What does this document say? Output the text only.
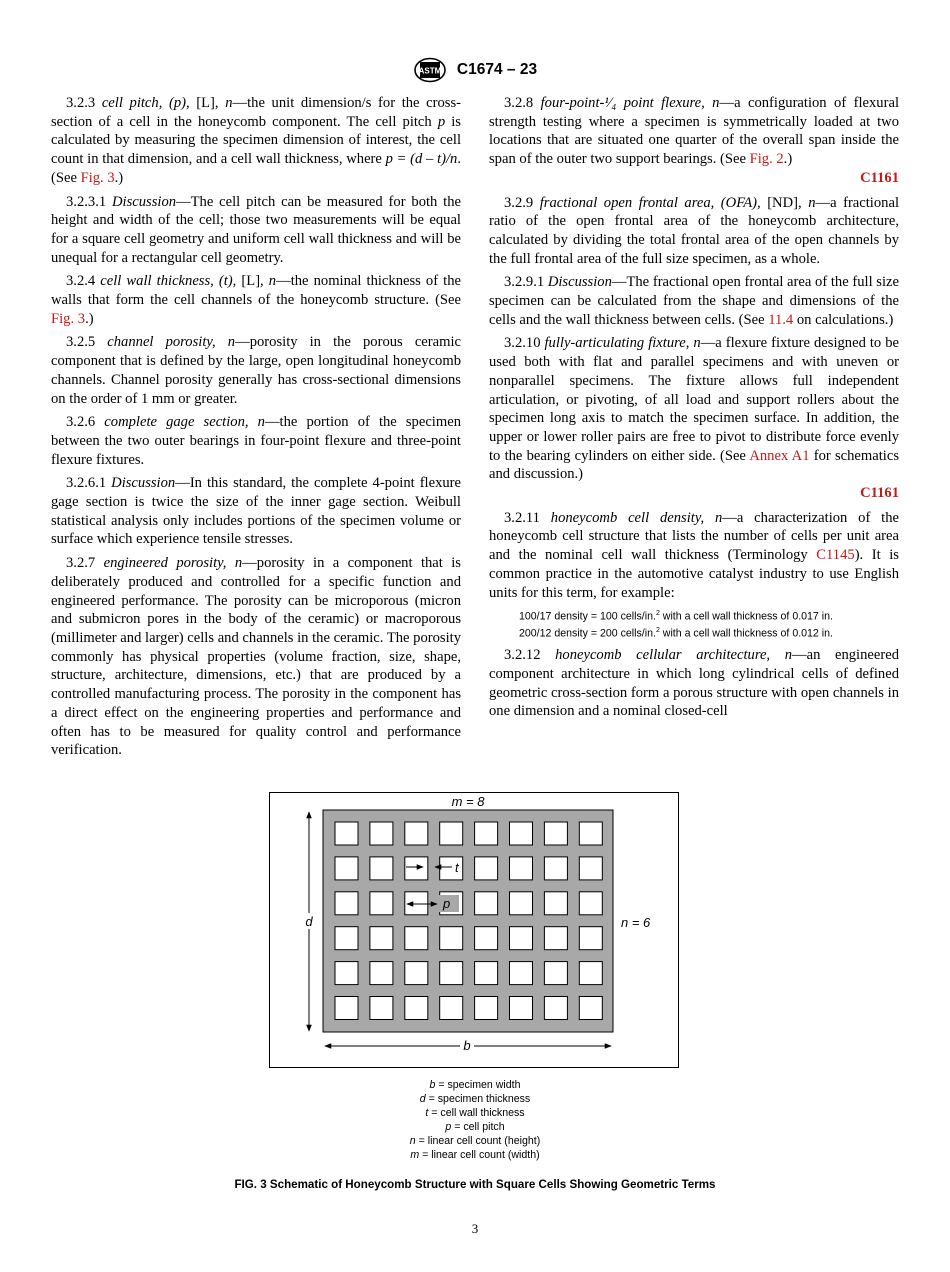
ASTM C1674 – 23

3.2.3 cell pitch, (p), [L], n—the unit dimension/s for the cross-section of a cell in the honeycomb component. The cell pitch p is calculated by measuring the specimen dimension of interest, the cell count in that dimension, and a cell wall thickness, where p = (d – t)/n. (See Fig. 3.)

3.2.3.1 Discussion—The cell pitch can be measured for both the height and width of the cell; those two measurements will be equal for a square cell geometry and uniform cell wall thickness and will be unequal for a rectangular cell geometry.

3.2.4 cell wall thickness, (t), [L], n—the nominal thickness of the walls that form the cell channels of the honeycomb structure. (See Fig. 3.)

3.2.5 channel porosity, n—porosity in the porous ceramic component that is defined by the large, open longitudinal honeycomb channels. Channel porosity generally has cross-sectional dimensions on the order of 1 mm or greater.

3.2.6 complete gage section, n—the portion of the specimen between the two outer bearings in four-point flexure and three-point flexure fixtures.

3.2.6.1 Discussion—In this standard, the complete 4-point flexure gage section is twice the size of the inner gage section. Weibull statistical analysis only includes portions of the specimen volume or surface which experience tensile stresses.

3.2.7 engineered porosity, n—porosity in a component that is deliberately produced and controlled for a specific function and engineered performance. The porosity can be microporous (micron and submicron pores in the body of the ceramic) or macroporous (millimeter and larger) cells and channels in the ceramic. The porosity commonly has physical properties (volume fraction, size, shape, structure, architecture, dimensions, etc.) that are produced by a controlled manufacturing process. The porosity in the component has a direct effect on the engineering properties and performance and often has to be measured for quality control and performance verification.

3.2.8 four-point-¹⁄₄ point flexure, n—a configuration of flexural strength testing where a specimen is symmetrically loaded at two locations that are situated one quarter of the overall span inside the span of the outer two support bearings. (See Fig. 2.)

C1161

3.2.9 fractional open frontal area, (OFA), [ND], n—a fractional ratio of the open frontal area of the honeycomb architecture, calculated by dividing the total frontal area of the open channels by the full frontal area of the full size specimen, as a whole.

3.2.9.1 Discussion—The fractional open frontal area of the full size specimen can be calculated from the shape and dimensions of the cells and the wall thickness between cells. (See 11.4 on calculations.)

3.2.10 fully-articulating fixture, n—a flexure fixture designed to be used both with flat and parallel specimens and with uneven or nonparallel specimens. The fixture allows full independent articulation, or pivoting, of all load and support rollers about the specimen long axis to match the specimen surface. In addition, the upper or lower roller pairs are free to pivot to distribute force evenly to the bearing cylinders on either side. (See Annex A1 for schematics and discussion.)

C1161

3.2.11 honeycomb cell density, n—a characterization of the honeycomb cell structure that lists the number of cells per unit area and the nominal cell wall thickness (Terminology C1145). It is common practice in the automotive catalyst industry to use English units for this term, for example:

100/17 density = 100 cells/in.$^2$ with a cell wall thickness of 0.017 in.
200/12 density = 200 cells/in.$^2$ with a cell wall thickness of 0.012 in.

3.2.12 honeycomb cellular architecture, n—an engineered component architecture in which long cylindrical cells of defined geometric cross-section form a porous structure with open channels in one dimension and a nominal closed-cell

m = 8
n = 6
d
b
t
p
b = specimen width
d = specimen thickness
t = cell wall thickness
p = cell pitch
n = linear cell count (height)
m = linear cell count (width)
FIG. 3 Schematic of Honeycomb Structure with Square Cells Showing Geometric Terms
3
